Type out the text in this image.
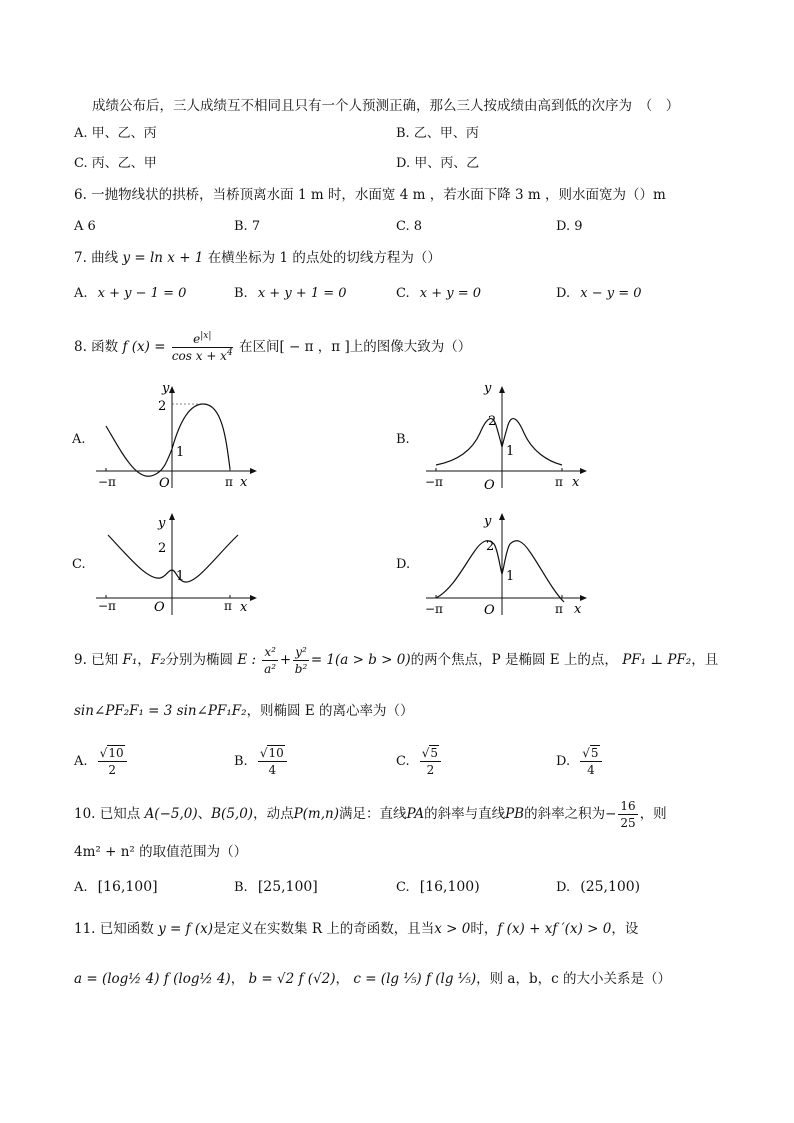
成绩公布后，三人成绩互不相同且只有一个人预测正确，那么三人按成绩由高到低的次序为　（　）
A. 甲、乙、丙	B. 乙、甲、丙
C. 丙、乙、甲	D. 甲、丙、乙
6. 一抛物线状的拱桥，当桥顶离水面 1 m 时，水面宽 4 m ，若水面下降 3 m ，则水面宽为（）m
A 6	B. 7	C. 8	D. 9
7. 曲线 y = ln x + 1 在横坐标为 1 的点处的切线方程为（）
A. x + y − 1 = 0	B. x + y + 1 = 0	C. x + y = 0	D. x − y = 0
8. 函数 f $(x) = \frac{e^{|x|}}{\cos x + x^4}$ 在区间[ − π ，π ]上的图像大致为（）
A.
y
2
1
−π	O	π x
B.
y
2
1
−π	O	π x
C.
y
2
1
−π	O	π x
D.
y
2
1
−π	O	π x
9. 已知 F₁，F₂分别为椭圆 E : $\frac{\text{x²}}{\text{a²}} + \frac{\text{y²}}{\text{b²}} = 1(a > b > 0)$的两个焦点，P 是椭圆 E 上的点， PF₁ ⊥ PF₂，且
sin∠PF₂F₁ = 3 sin∠PF₁F₂，则椭圆 E 的离心率为（）
A. $\frac{√10}{2}$	B. $\frac{√10}{4}$	C. $\frac{√5}{2}$	D. $\frac{√5}{4}$
10. 已知点 A(−5,0)、B(5,0)，动点P(m,n)满足：直线PA的斜率与直线PB的斜率之积为− $\frac{16}{25}$ ，则
4m² + n² 的取值范围为（）
A. [16,100]	B. [25,100]	C. [16,100)	D. (25,100)
11. 已知函数 y = f (x)是定义在实数集 R 上的奇函数，且当x > 0时，f (x) + xf ′(x) > 0，设
a = (log½ 4) f (log½ 4)， b = √2 f (√2)， c = (lg ⅕) f (lg ⅕)，则 a，b，c 的大小关系是（）
